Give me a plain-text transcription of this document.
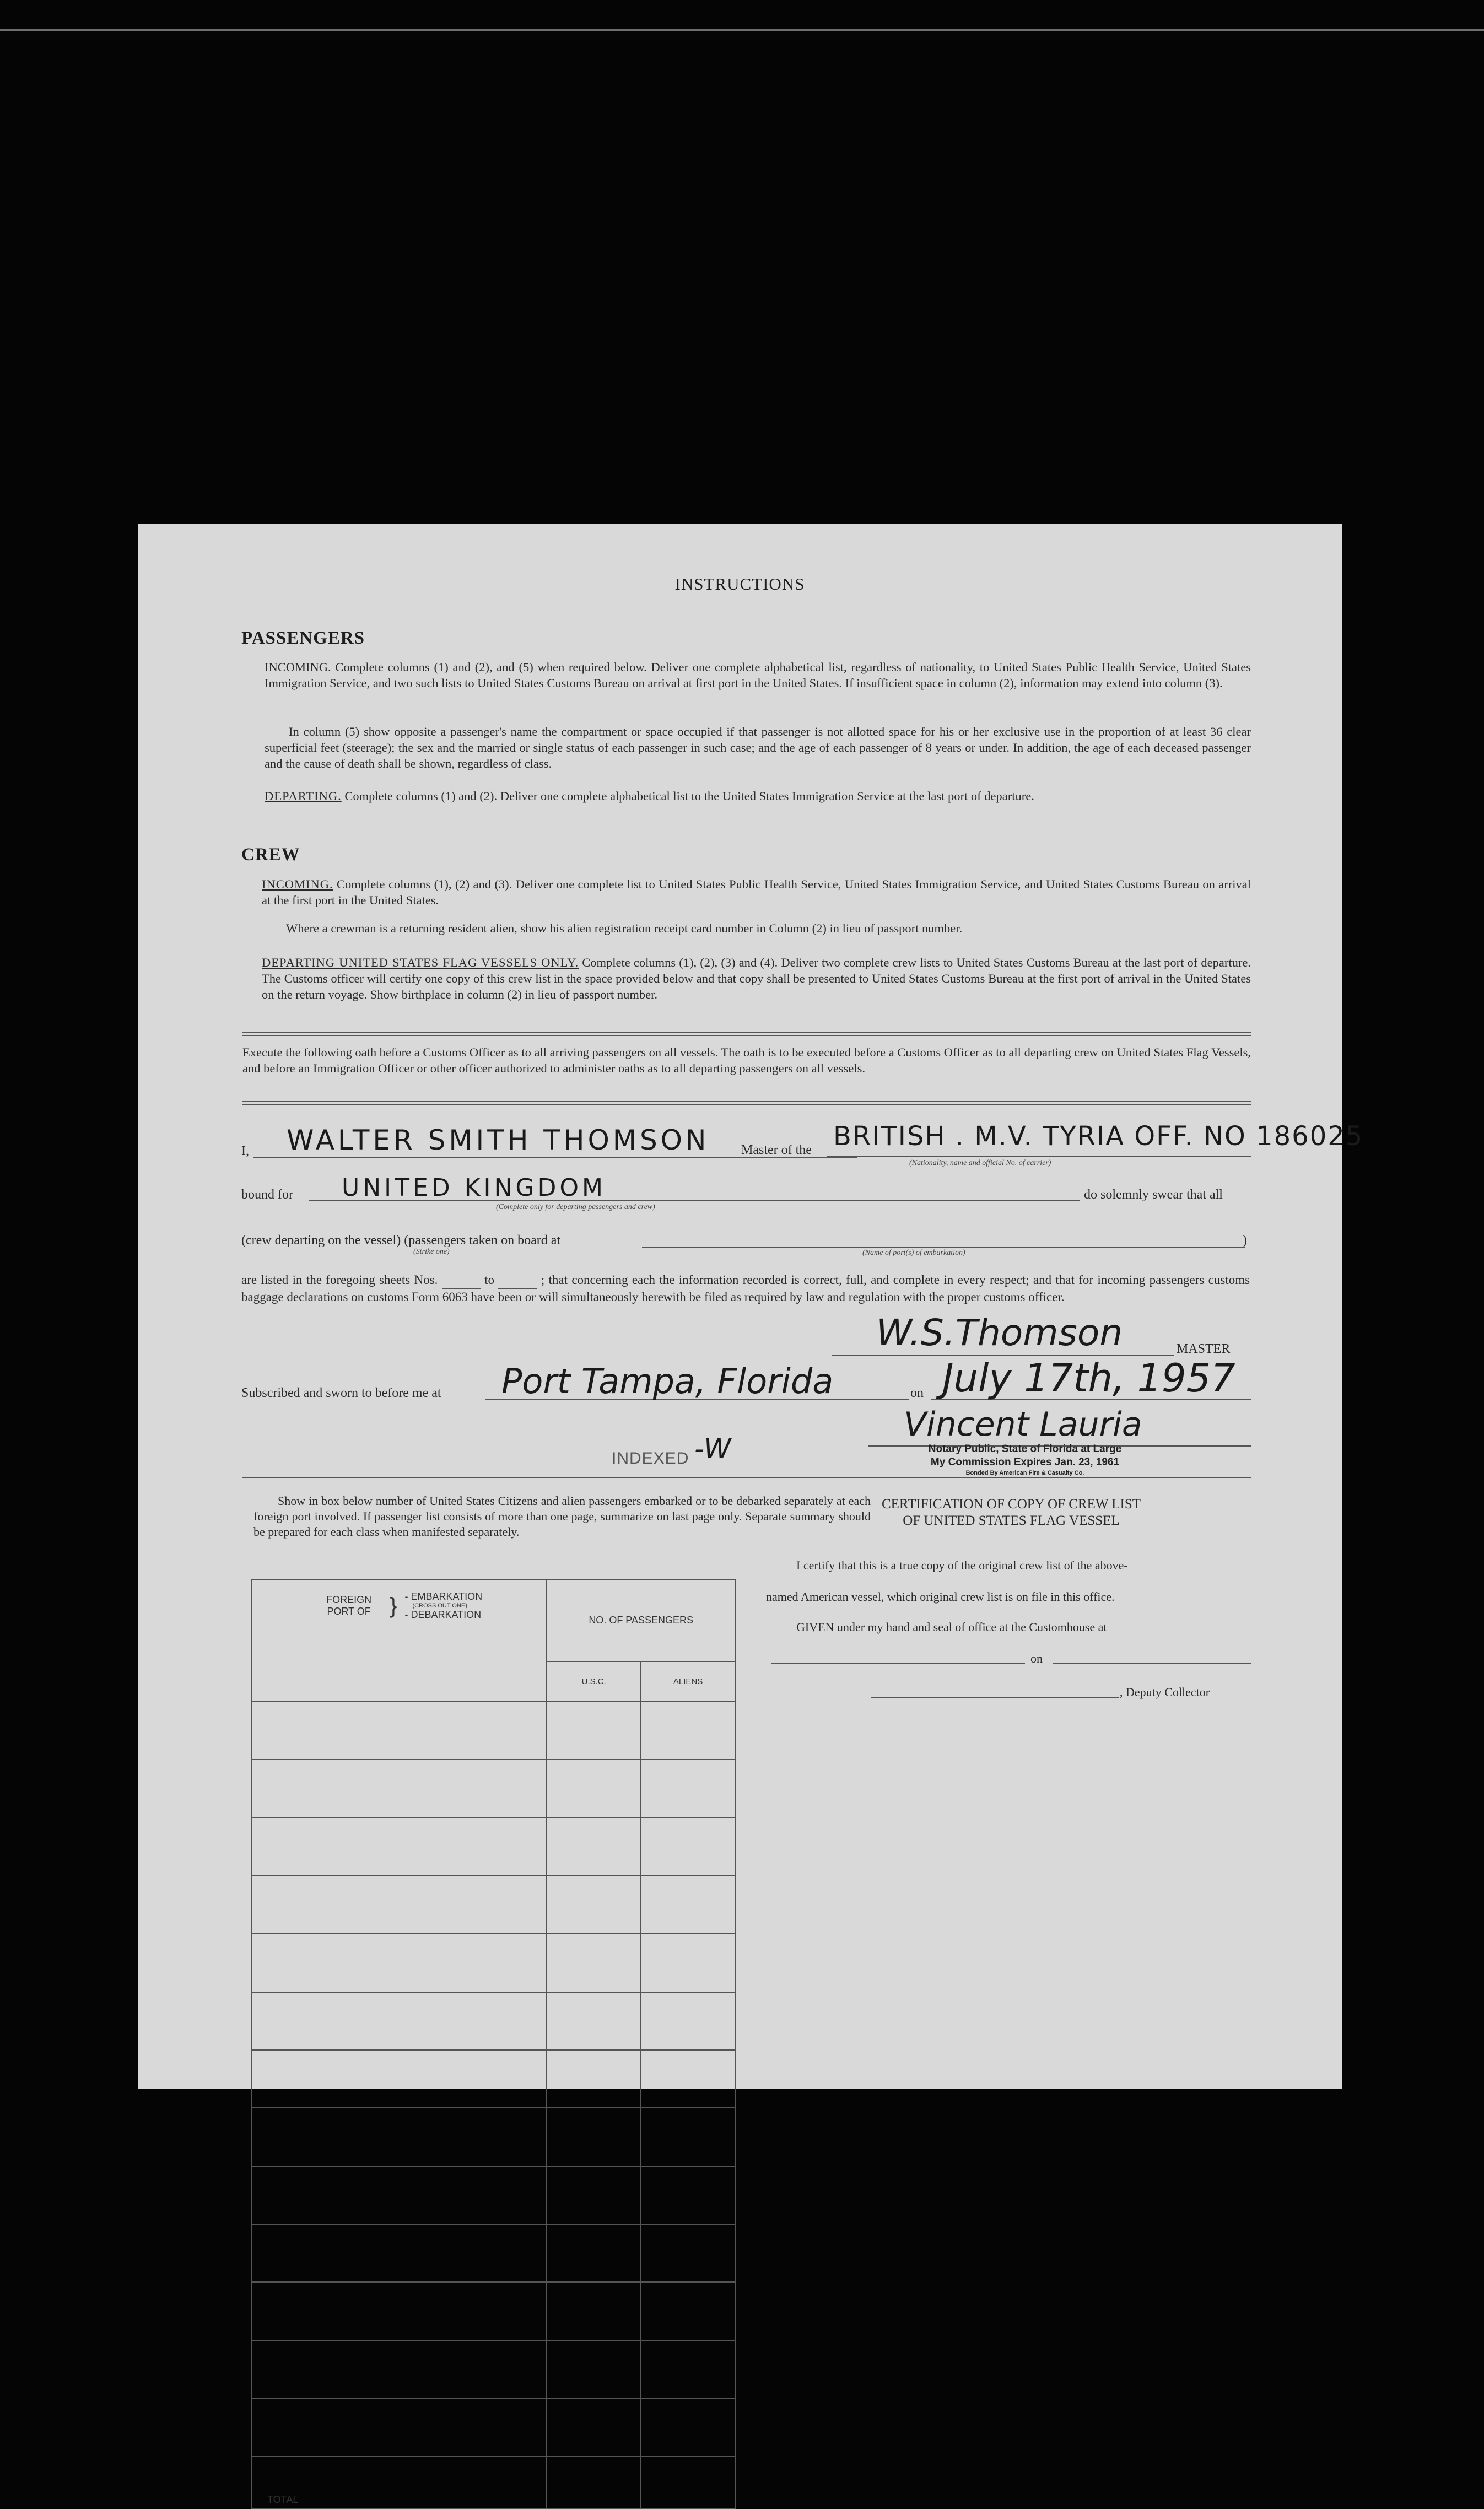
INSTRUCTIONS
PASSENGERS
INCOMING. Complete columns (1) and (2), and (5) when required below. Deliver one complete alphabetical list, regardless of nationality, to United States Public Health Service, United States Immigration Service, and two such lists to United States Customs Bureau on arrival at first port in the United States. If insufficient space in column (2), information may extend into column (3).
In column (5) show opposite a passenger's name the compartment or space occupied if that passenger is not allotted space for his or her exclusive use in the proportion of at least 36 clear superficial feet (steerage); the sex and the married or single status of each passenger in such case; and the age of each passenger of 8 years or under. In addition, the age of each deceased passenger and the cause of death shall be shown, regardless of class.
DEPARTING. Complete columns (1) and (2). Deliver one complete alphabetical list to the United States Immigration Service at the last port of departure.
CREW
INCOMING. Complete columns (1), (2) and (3). Deliver one complete list to United States Public Health Service, United States Immigration Service, and United States Customs Bureau on arrival at the first port in the United States.
Where a crewman is a returning resident alien, show his alien registration receipt card number in Column (2) in lieu of passport number.
DEPARTING UNITED STATES FLAG VESSELS ONLY. Complete columns (1), (2), (3) and (4). Deliver two complete crew lists to United States Customs Bureau at the last port of departure. The Customs officer will certify one copy of this crew list in the space provided below and that copy shall be presented to United States Customs Bureau at the first port of arrival in the United States on the return voyage. Show birthplace in column (2) in lieu of passport number.
Execute the following oath before a Customs Officer as to all arriving passengers on all vessels. The oath is to be executed before a Customs Officer as to all departing crew on United States Flag Vessels, and before an Immigration Officer or other officer authorized to administer oaths as to all departing passengers on all vessels.
I, WALTER SMITH THOMSON Master of the BRITISH . M.V. TYRIA OFF. NO 186025
(Nationality, name and official No. of carrier)
bound for UNITED KINGDOM
(Complete only for departing passengers and crew)
do solemnly swear that all
(crew departing on the vessel) (passengers taken on board at	)
(Strike one)	(Name of port(s) of embarkation)
are listed in the foregoing sheets Nos.	to	; that concerning each the information recorded is correct, full, and complete in every respect; and that for incoming passengers customs baggage declarations on customs Form 6063 have been or will simultaneously herewith be filed as required by law and regulation with the proper customs officer.
W.S.Thomson	MASTER
Subscribed and sworn to before me at Port Tampa, Florida	on July 17th, 1957
Vincent Lauria
Notary Public, State of Florida at Large
My Commission Expires Jan. 23, 1961
Bonded By American Fire & Casualty Co.
INDEXED -W
Show in box below number of United States Citizens and alien passengers embarked or to be debarked separately at each foreign port involved. If passenger list consists of more than one page, summarize on last page only. Separate summary should be prepared for each class when manifested separately.
FOREIGN PORT OF } - EMBARKATION
(CROSS OUT ONE)
- DEBARKATION	NO. OF PASSENGERS	
	U.S.C.	ALIENS

TOTAL		
CERTIFICATION OF COPY OF CREW LIST
OF UNITED STATES FLAG VESSEL
I certify that this is a true copy of the original crew list of the above-
named American vessel, which original crew list is on file in this office.
GIVEN under my hand and seal of office at the Customhouse at
on
, Deputy Collector
